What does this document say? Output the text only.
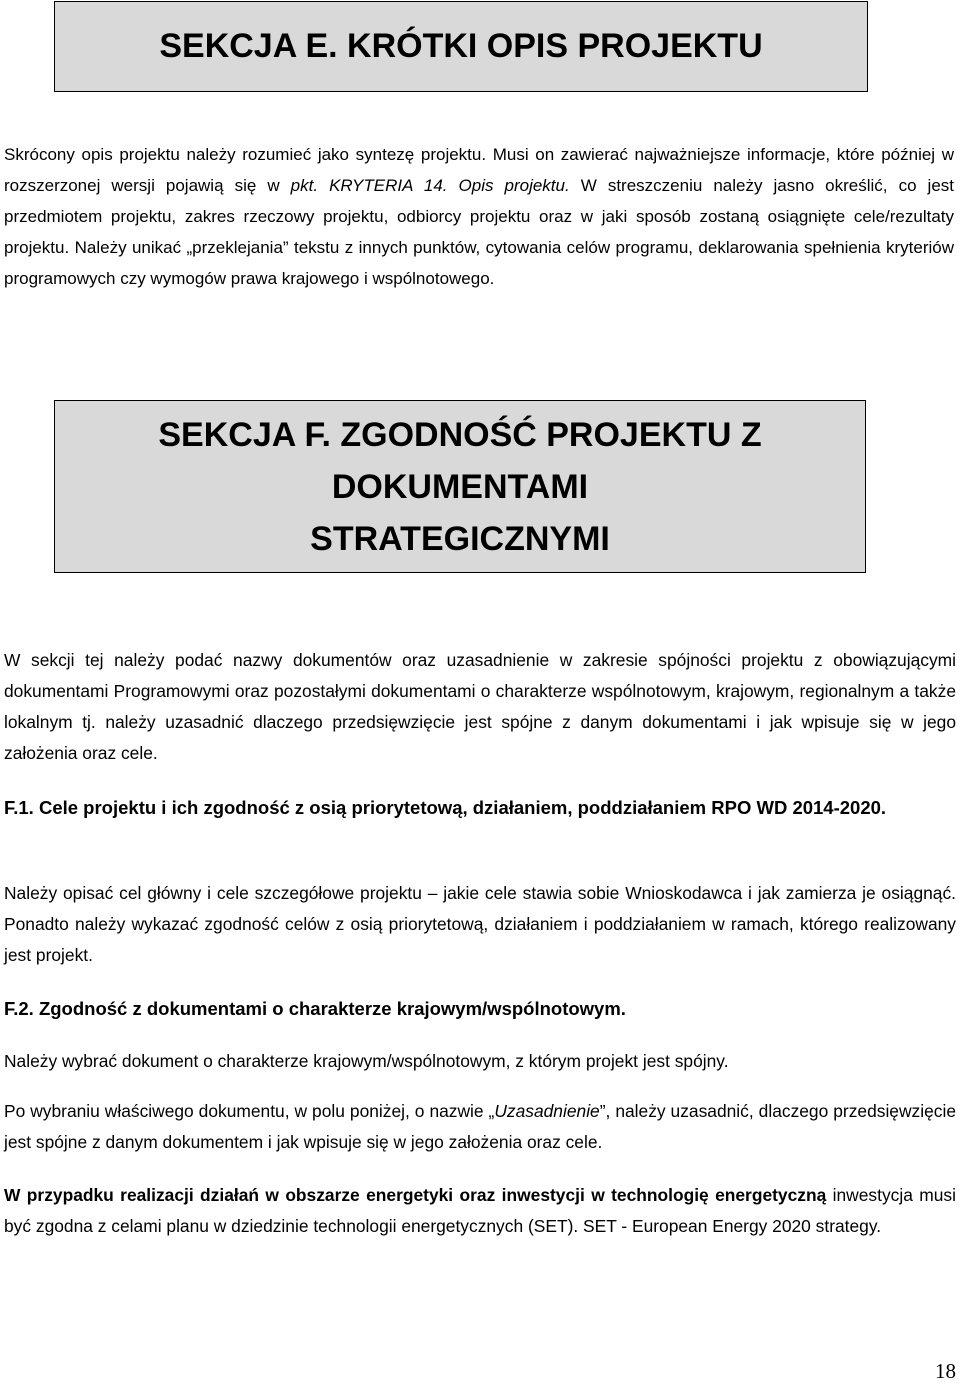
SEKCJA E. KRÓTKI OPIS PROJEKTU

Skrócony opis projektu należy rozumieć jako syntezę projektu. Musi on zawierać najważniejsze informacje, które później w rozszerzonej wersji pojawią się w pkt. KRYTERIA 14. Opis projektu. W streszczeniu należy jasno określić, co jest przedmiotem projektu, zakres rzeczowy projektu, odbiorcy projektu oraz w jaki sposób zostaną osiągnięte cele/rezultaty projektu. Należy unikać „przeklejania” tekstu z innych punktów, cytowania celów programu, deklarowania spełnienia kryteriów programowych czy wymogów prawa krajowego i wspólnotowego.

SEKCJA F. ZGODNOŚĆ PROJEKTU Z DOKUMENTAMI
STRATEGICZNYMI

W sekcji tej należy podać nazwy dokumentów oraz uzasadnienie w zakresie spójności projektu z obowiązującymi dokumentami Programowymi oraz pozostałymi dokumentami o charakterze wspólnotowym, krajowym, regionalnym a także lokalnym tj. należy uzasadnić dlaczego przedsięwzięcie jest spójne z danym dokumentami i jak wpisuje się w jego założenia oraz cele.

F.1. Cele projektu i ich zgodność z osią priorytetową, działaniem, poddziałaniem RPO WD 2014-2020.

Należy opisać cel główny i cele szczegółowe projektu – jakie cele stawia sobie Wnioskodawca i jak zamierza je osiągnąć. Ponadto należy wykazać zgodność celów z osią priorytetową, działaniem i poddziałaniem w ramach, którego realizowany jest projekt.

F.2. Zgodność z dokumentami o charakterze krajowym/wspólnotowym.

Należy wybrać dokument o charakterze krajowym/wspólnotowym, z którym projekt jest spójny.

Po wybraniu właściwego dokumentu, w polu poniżej, o nazwie „Uzasadnienie”, należy uzasadnić, dlaczego przedsięwzięcie jest spójne z danym dokumentem i jak wpisuje się w jego założenia oraz cele.

W przypadku realizacji działań w obszarze energetyki oraz inwestycji w technologię energetyczną inwestycja musi być zgodna z celami planu w dziedzinie technologii energetycznych (SET). SET - European Energy 2020 strategy.

18
